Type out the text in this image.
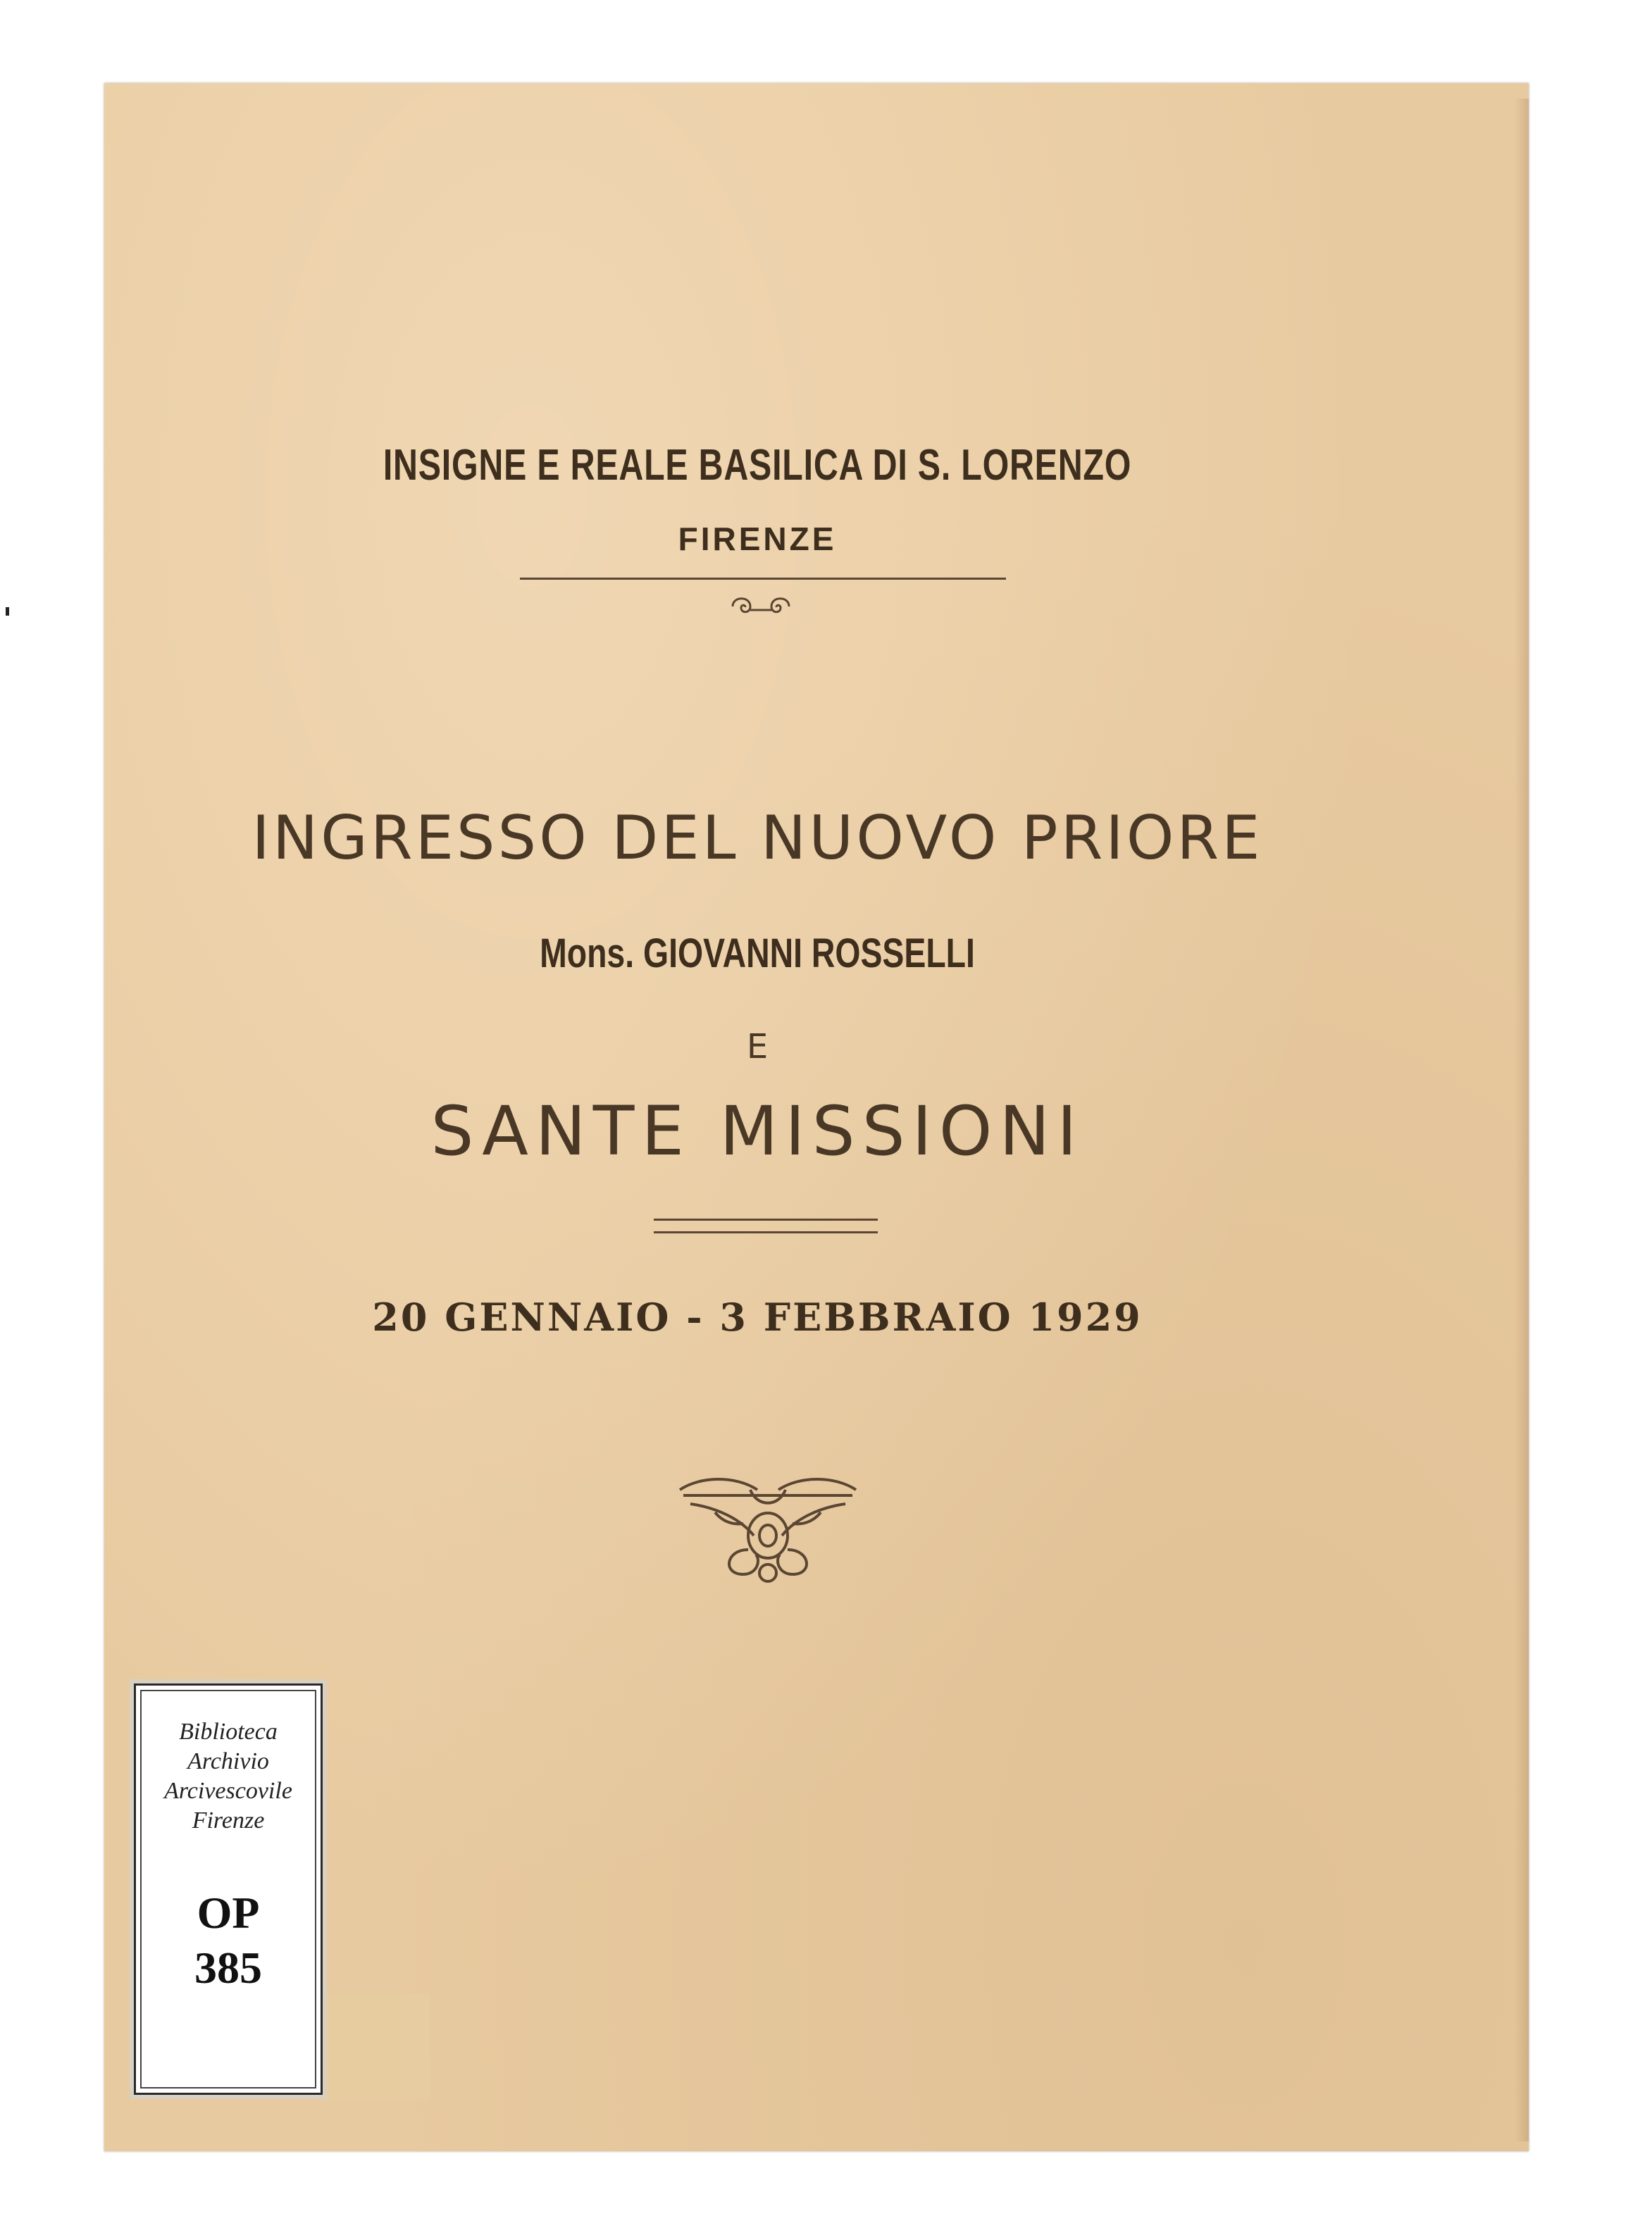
INSIGNE E REALE BASILICA DI S. LORENZO
FIRENZE
INGRESSO DEL NUOVO PRIORE
Mons. GIOVANNI ROSSELLI
E
SANTE MISSIONI
20 GENNAIO - 3 FEBBRAIO 1929
Biblioteca
Archivio
Arcivescovile
Firenze
OP
385
